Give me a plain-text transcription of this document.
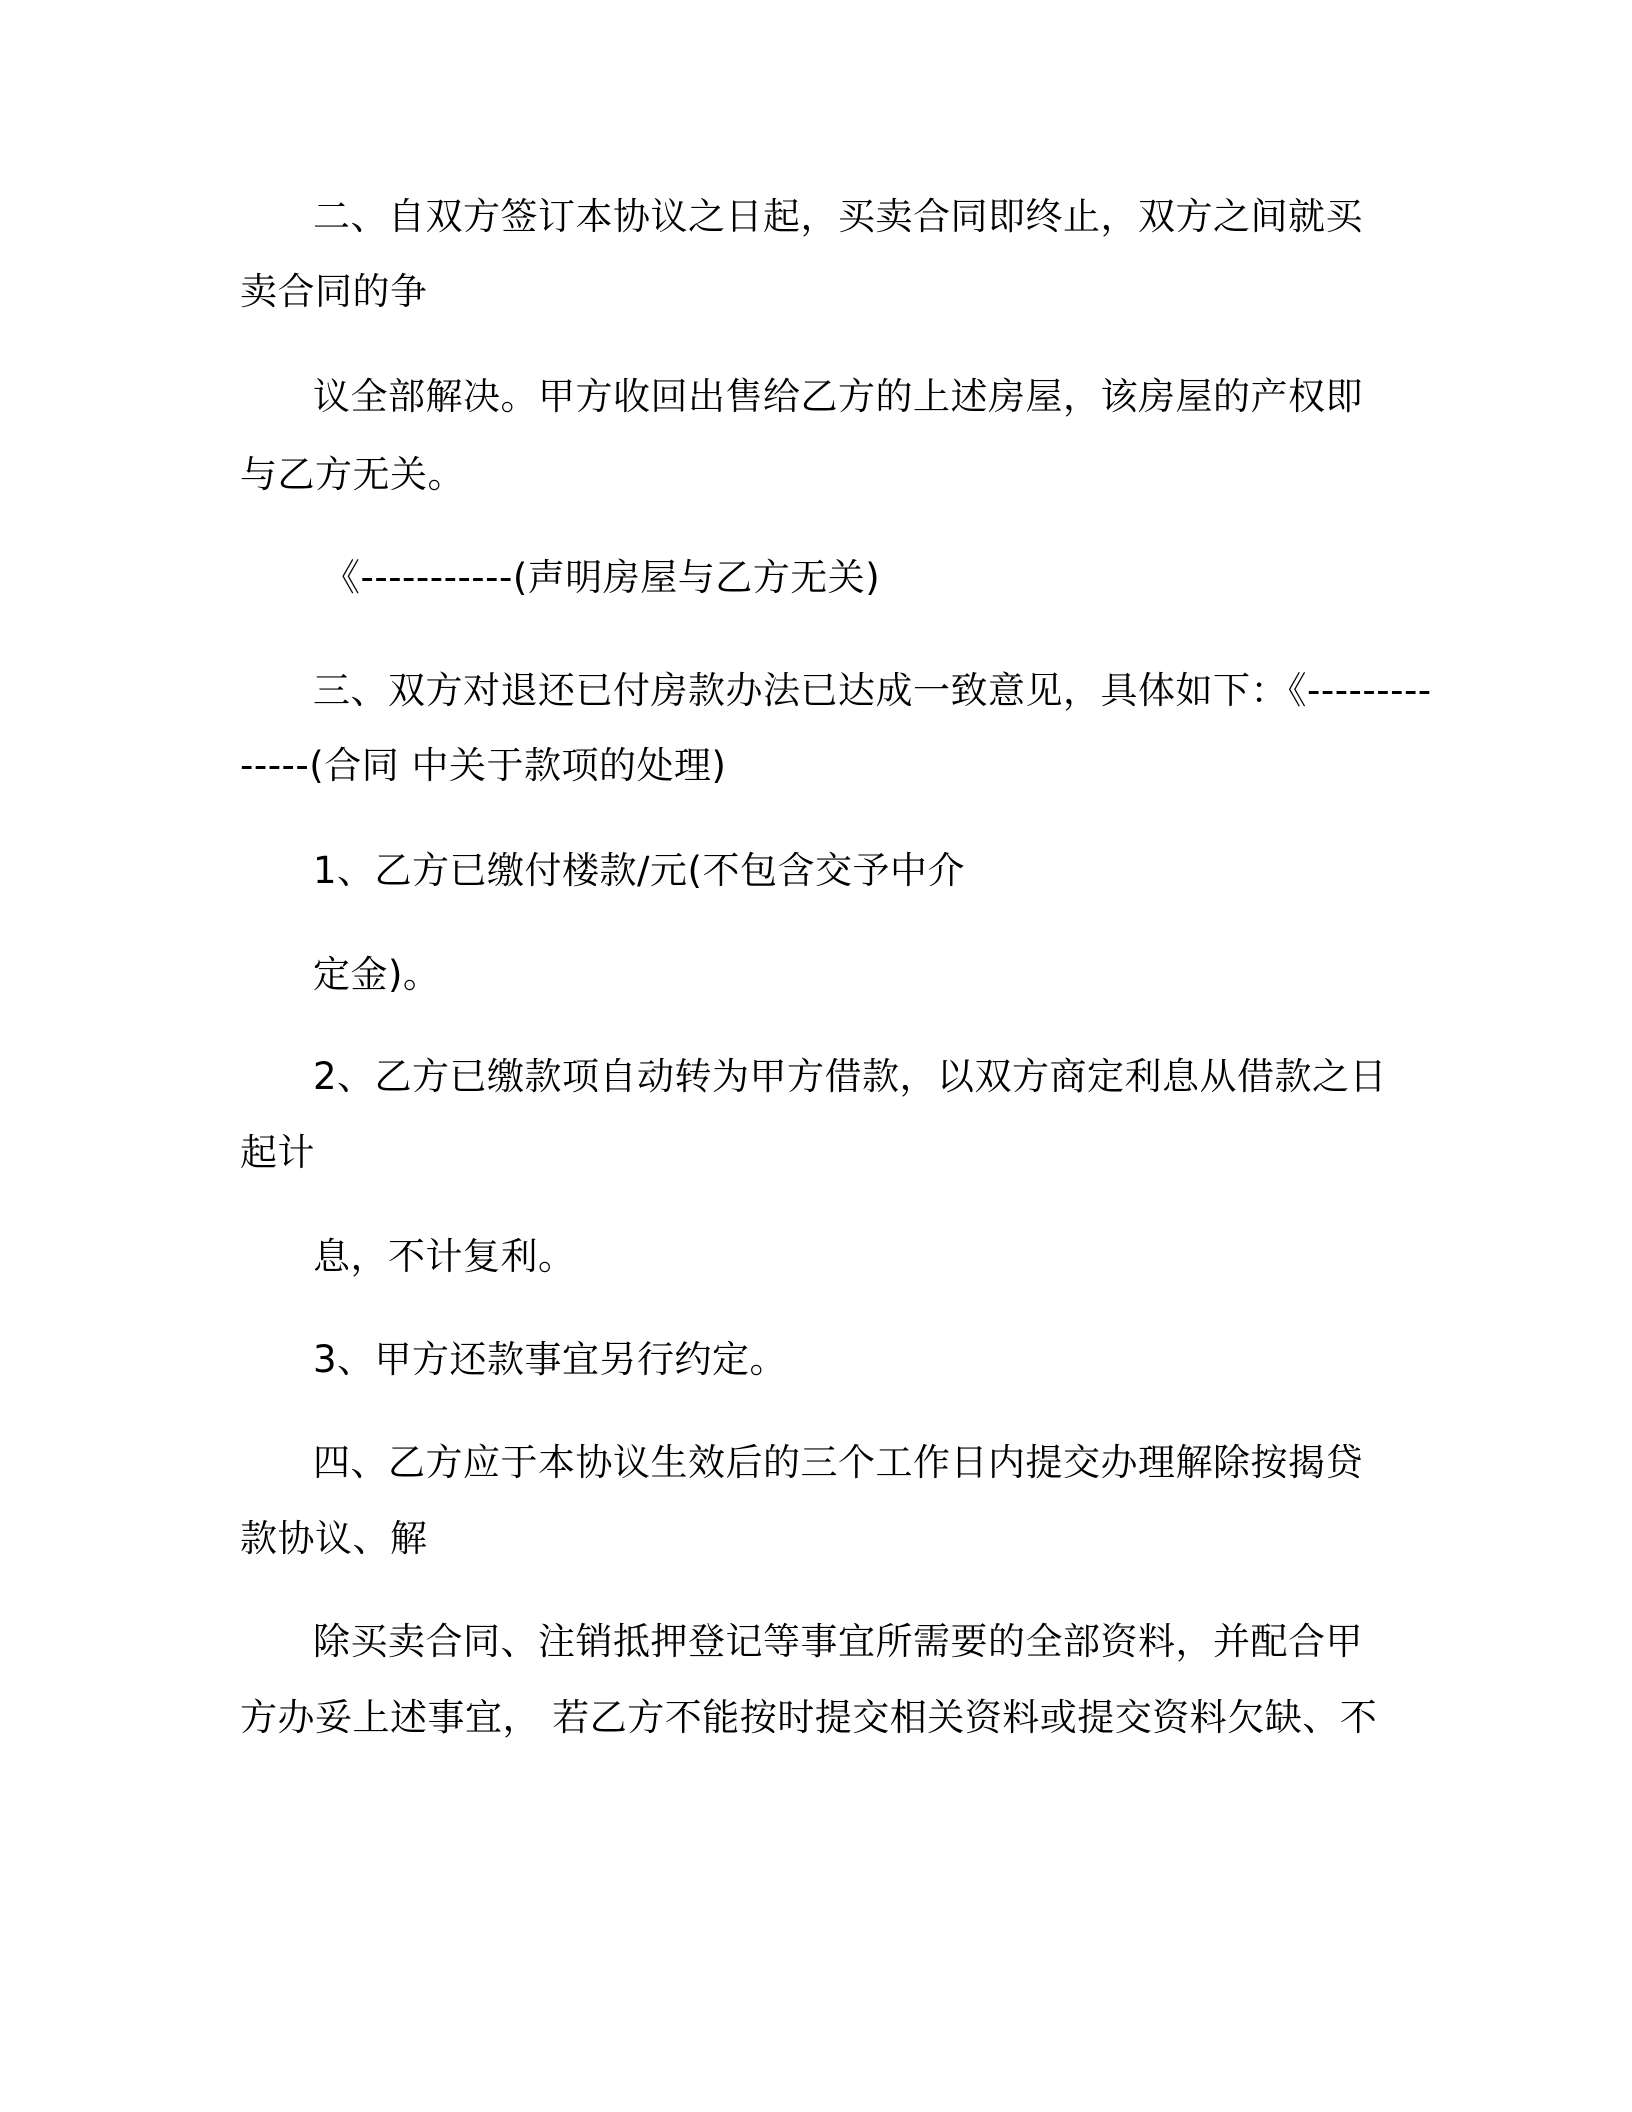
二、自双方签订本协议之日起，买卖合同即终止，双方之间就买
卖合同的争
议全部解决。甲方收回出售给乙方的上述房屋，该房屋的产权即
与乙方无关。
《-----------(声明房屋与乙方无关)
三、双方对退还已付房款办法已达成一致意见，具体如下：《---------
-----(合同 中关于款项的处理)
1、乙方已缴付楼款/元(不包含交予中介
定金)。
2、乙方已缴款项自动转为甲方借款，以双方商定利息从借款之日
起计
息，不计复利。
3、甲方还款事宜另行约定。
四、乙方应于本协议生效后的三个工作日内提交办理解除按揭贷
款协议、解
除买卖合同、注销抵押登记等事宜所需要的全部资料，并配合甲
方办妥上述事宜， 若乙方不能按时提交相关资料或提交资料欠缺、不
